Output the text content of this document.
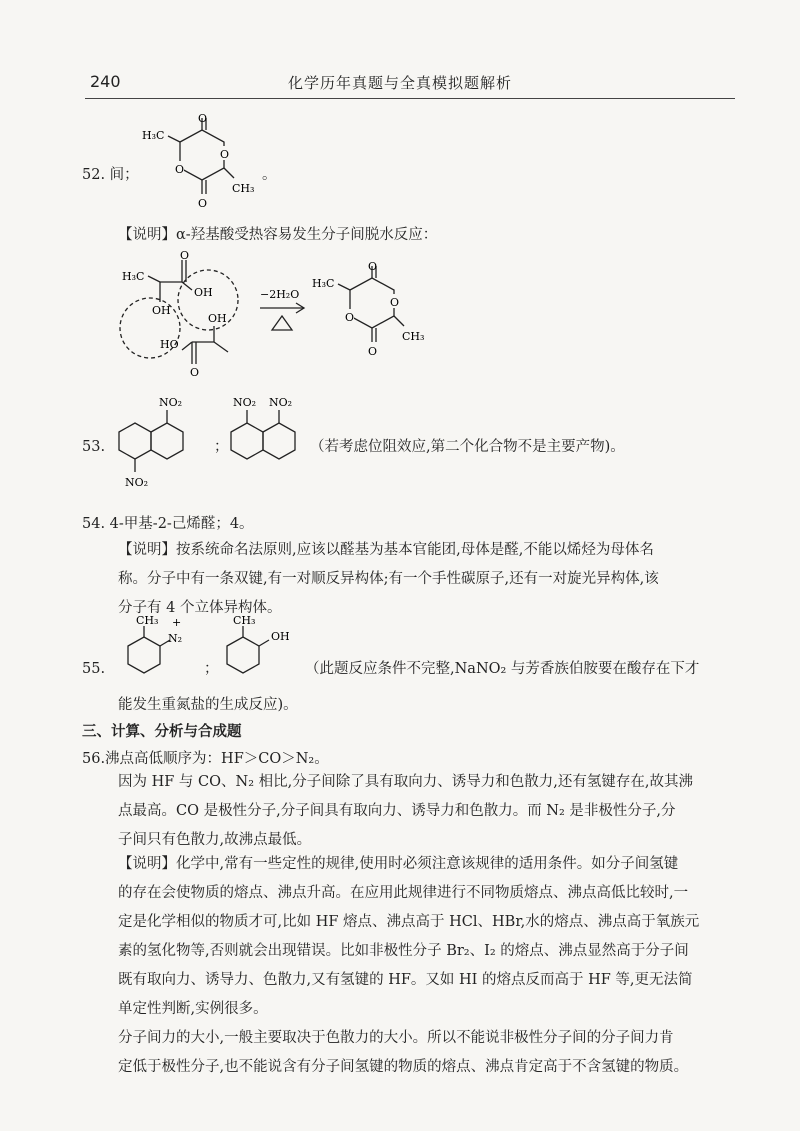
240	化学历年真题与全真模拟题解析
52. 间；
O
O
O
O
H₃C
CH₃
。
【说明】α-羟基酸受热容易发生分子间脱水反应：
O
OH
OH
H₃C
OH
HO
O
−2H₂O
O
O
O
O
H₃C
CH₃
53.
NO₂
NO₂
；
NO₂ NO₂
（若考虑位阻效应,第二个化合物不是主要产物)。
54. 4-甲基-2-己烯醛；4。

【说明】按系统命名法原则,应该以醛基为基本官能团,母体是醛,不能以烯烃为母体名

称。分子中有一条双键,有一对顺反异构体;有一个手性碳原子,还有一对旋光异构体,该

分子有 4 个立体异构体。

55.
CH₃
N₂
+
；
CH₃
OH
（此题反应条件不完整,NaNO₂ 与芳香族伯胺要在酸存在下才
能发生重氮盐的生成反应)。
三、计算、分析与合成题
56.沸点高低顺序为：HF＞CO＞N₂。

因为 HF 与 CO、N₂ 相比,分子间除了具有取向力、诱导力和色散力,还有氢键存在,故其沸

点最高。CO 是极性分子,分子间具有取向力、诱导力和色散力。而 N₂ 是非极性分子,分

子间只有色散力,故沸点最低。

【说明】化学中,常有一些定性的规律,使用时必须注意该规律的适用条件。如分子间氢键

的存在会使物质的熔点、沸点升高。在应用此规律进行不同物质熔点、沸点高低比较时,一

定是化学相似的物质才可,比如 HF 熔点、沸点高于 HCl、HBr,水的熔点、沸点高于氧族元

素的氢化物等,否则就会出现错误。比如非极性分子 Br₂、I₂ 的熔点、沸点显然高于分子间

既有取向力、诱导力、色散力,又有氢键的 HF。又如 HI 的熔点反而高于 HF 等,更无法简

单定性判断,实例很多。

分子间力的大小,一般主要取决于色散力的大小。所以不能说非极性分子间的分子间力肯

定低于极性分子,也不能说含有分子间氢键的物质的熔点、沸点肯定高于不含氢键的物质。
